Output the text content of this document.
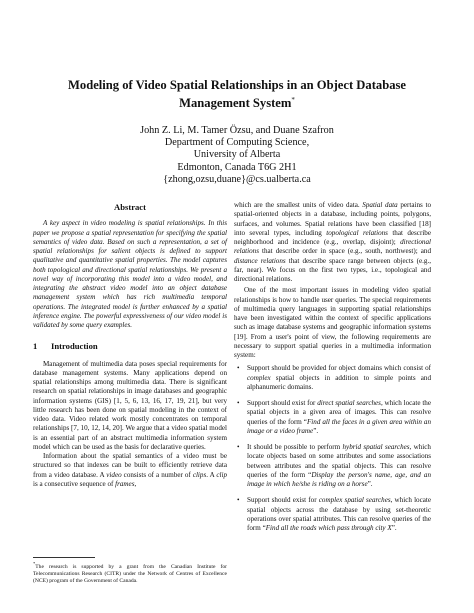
Modeling of Video Spatial Relationships in an Object Database Management System*
John Z. Li, M. Tamer Özsu, and Duane Szafron
Department of Computing Science,
University of Alberta
Edmonton, Canada T6G 2H1
{zhong,ozsu,duane}@cs.ualberta.ca
Abstract

A key aspect in video modeling is spatial relationships. In this paper we propose a spatial representation for specifying the spatial semantics of video data. Based on such a representation, a set of spatial relationships for salient objects is defined to support qualitative and quantitative spatial properties. The model captures both topological and directional spatial relationships. We present a novel way of incorporating this model into a video model, and integrating the abstract video model into an object database management system which has rich multimedia temporal operations. The integrated model is further enhanced by a spatial inference engine. The powerful expressiveness of our video model is validated by some query examples.

1 Introduction

Management of multimedia data poses special requirements for database management systems. Many applications depend on spatial relationships among multimedia data. There is significant research on spatial relationships in image databases and geographic information systems (GIS) [1, 5, 6, 13, 16, 17, 19, 21], but very little research has been done on spatial modeling in the context of video data. Video related work mostly concentrates on temporal relationships [7, 10, 12, 14, 20]. We argue that a video spatial model is an essential part of an abstract multimedia information system model which can be used as the basis for declarative queries.

Information about the spatial semantics of a video must be structured so that indexes can be built to efficiently retrieve data from a video database. A video consists of a number of clips. A clip is a consecutive sequence of frames,

which are the smallest units of video data. Spatial data pertains to spatial-oriented objects in a database, including points, polygons, surfaces, and volumes. Spatial relations have been classified [18] into several types, including topological relations that describe neighborhood and incidence (e.g., overlap, disjoint); directional relations that describe order in space (e.g., south, northwest); and distance relations that describe space range between objects (e.g., far, near). We focus on the first two types, i.e., topological and directional relations.

One of the most important issues in modeling video spatial relationships is how to handle user queries. The special requirements of multimedia query languages in supporting spatial relationships have been investigated within the context of specific applications such as image database systems and geographic information systems [19]. From a user's point of view, the following requirements are necessary to support spatial queries in a multimedia information system:

• Support should be provided for object domains which consist of complex spatial objects in addition to simple points and alphanumeric domains.
• Support should exist for direct spatial searches, which locate the spatial objects in a given area of images. This can resolve queries of the form “Find all the faces in a given area within an image or a video frame”.
• It should be possible to perform hybrid spatial searches, which locate objects based on some attributes and some associations between attributes and the spatial objects. This can resolve queries of the form “Display the person's name, age, and an image in which he/she is riding on a horse”.
• Support should exist for complex spatial searches, which locate spatial objects across the database by using set-theoretic operations over spatial attributes. This can resolve queries of the form “Find all the roads which pass through city X”.
*The research is supported by a grant from the Canadian Institute for Telecommunications Research (CITR) under the Network of Centres of Excellence (NCE) program of the Government of Canada.
